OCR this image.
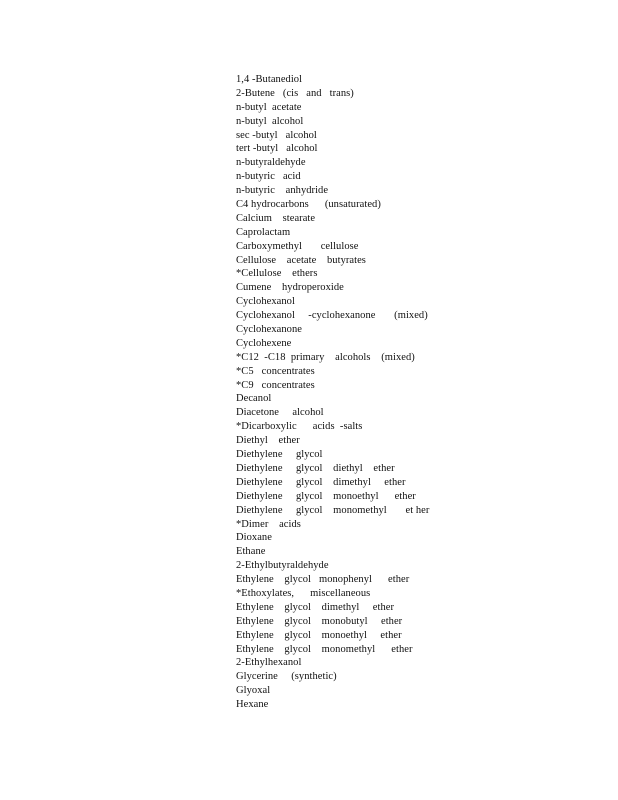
1,4 -Butanediol
2-Butene   (cis   and   trans)
n-butyl  acetate
n-butyl  alcohol
sec -butyl   alcohol
tert -butyl   alcohol
n-butyraldehyde
n-butyric   acid
n-butyric    anhydride
C4 hydrocarbons      (unsaturated)
Calcium    stearate
Caprolactam
Carboxymethyl       cellulose
Cellulose    acetate    butyrates
*Cellulose    ethers
Cumene    hydroperoxide
Cyclohexanol
Cyclohexanol     -cyclohexanone       (mixed)
Cyclohexanone
Cyclohexene
*C12  -C18  primary    alcohols    (mixed)
*C5   concentrates
*C9   concentrates
Decanol
Diacetone     alcohol
*Dicarboxylic      acids  -salts
Diethyl    ether
Diethylene     glycol
Diethylene     glycol    diethyl    ether
Diethylene     glycol    dimethyl     ether
Diethylene     glycol    monoethyl      ether
Diethylene     glycol    monomethyl       et her
*Dimer    acids
Dioxane
Ethane
2-Ethylbutyraldehyde
Ethylene    glycol   monophenyl      ether
*Ethoxylates,      miscellaneous
Ethylene    glycol    dimethyl     ether
Ethylene    glycol    monobutyl     ether
Ethylene    glycol    monoethyl     ether
Ethylene    glycol    monomethyl      ether
2-Ethylhexanol
Glycerine     (synthetic)
Glyoxal
Hexane
